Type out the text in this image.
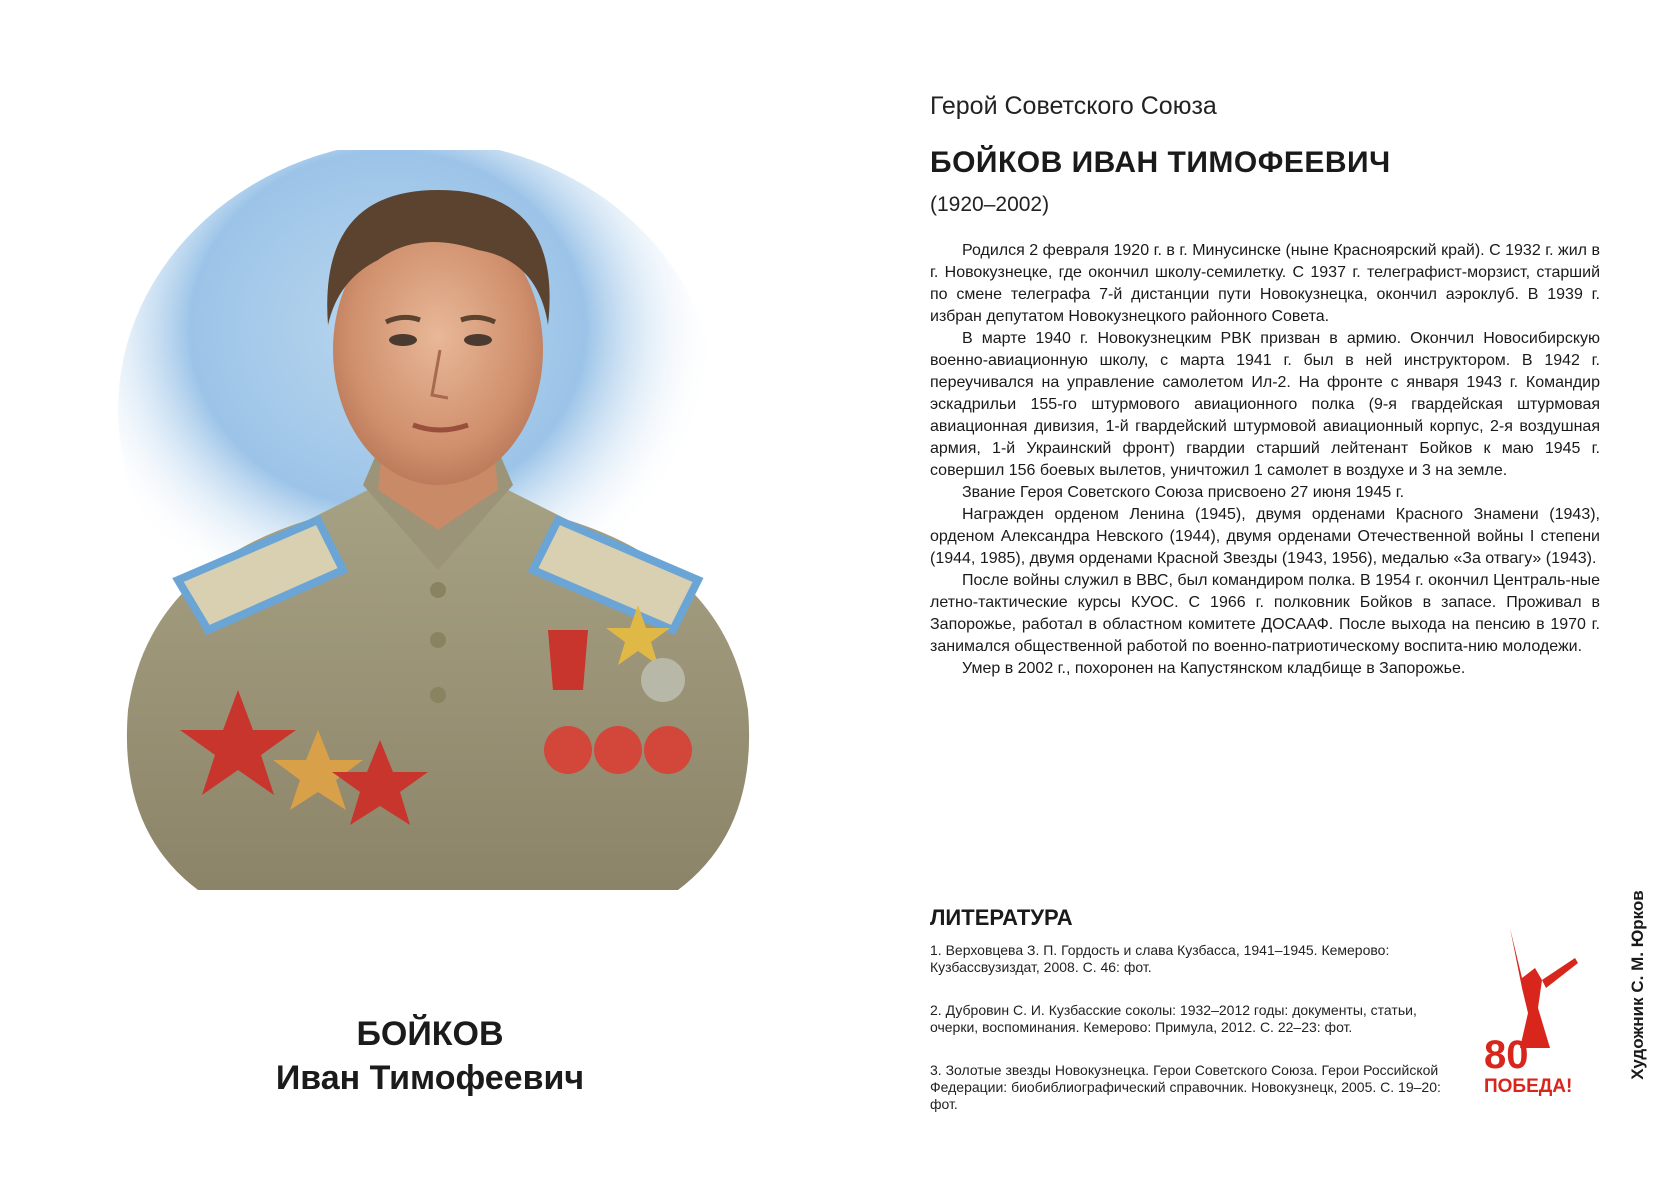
БОЙКОВ
Иван Тимофеевич
Герой Советского Союза
БОЙКОВ ИВАН ТИМОФЕЕВИЧ
(1920–2002)

Родился 2 февраля 1920 г. в г. Минусинске (ныне Красноярский край). С 1932 г. жил в г. Новокузнецке, где окончил школу-семилетку. С 1937 г. телеграфист-морзист, старший по смене телеграфа 7-й дистанции пути Новокузнецка, окончил аэроклуб. В 1939 г. избран депутатом Новокузнецкого районного Совета.

В марте 1940 г. Новокузнецким РВК призван в армию. Окончил Новосибирскую военно-авиационную школу, с марта 1941 г. был в ней инструктором. В 1942 г. переучивался на управление самолетом Ил-2. На фронте с января 1943 г. Командир эскадрильи 155-го штурмового авиационного полка (9-я гвардейская штурмовая авиационная дивизия, 1-й гвардейский штурмовой авиационный корпус, 2-я воздушная армия, 1-й Украинский фронт) гвардии старший лейтенант Бойков к маю 1945 г. совершил 156 боевых вылетов, уничтожил 1 самолет в воздухе и 3 на земле.

Звание Героя Советского Союза присвоено 27 июня 1945 г.

Награжден орденом Ленина (1945), двумя орденами Красного Знамени (1943), орденом Александра Невского (1944), двумя орденами Отечественной войны I степени (1944, 1985), двумя орденами Красной Звезды (1943, 1956), медалью «За отвагу» (1943).

После войны служил в ВВС, был командиром полка. В 1954 г. окончил Централь-ные летно-тактические курсы КУОС. С 1966 г. полковник Бойков в запасе. Проживал в Запорожье, работал в областном комитете ДОСААФ. После выхода на пенсию в 1970 г. занимался общественной работой по военно-патриотическому воспита-нию молодежи.

Умер в 2002 г., похоронен на Капустянском кладбище в Запорожье.

ЛИТЕРАТУРА
1. Верховцева З. П. Гордость и слава Кузбасса, 1941–1945. Кемерово: Кузбассвузиздат, 2008. С. 46: фот.
2. Дубровин С. И. Кузбасские соколы: 1932–2012 годы: документы, статьи, очерки, воспоминания. Кемерово: Примула, 2012. С. 22–23: фот.
3. Золотые звезды Новокузнецка. Герои Советского Союза. Герои Российской Федерации: биобиблиографический справочник. Новокузнецк, 2005. С. 19–20: фот.
80
ПОБЕДА!
Художник С. М. Юрков
